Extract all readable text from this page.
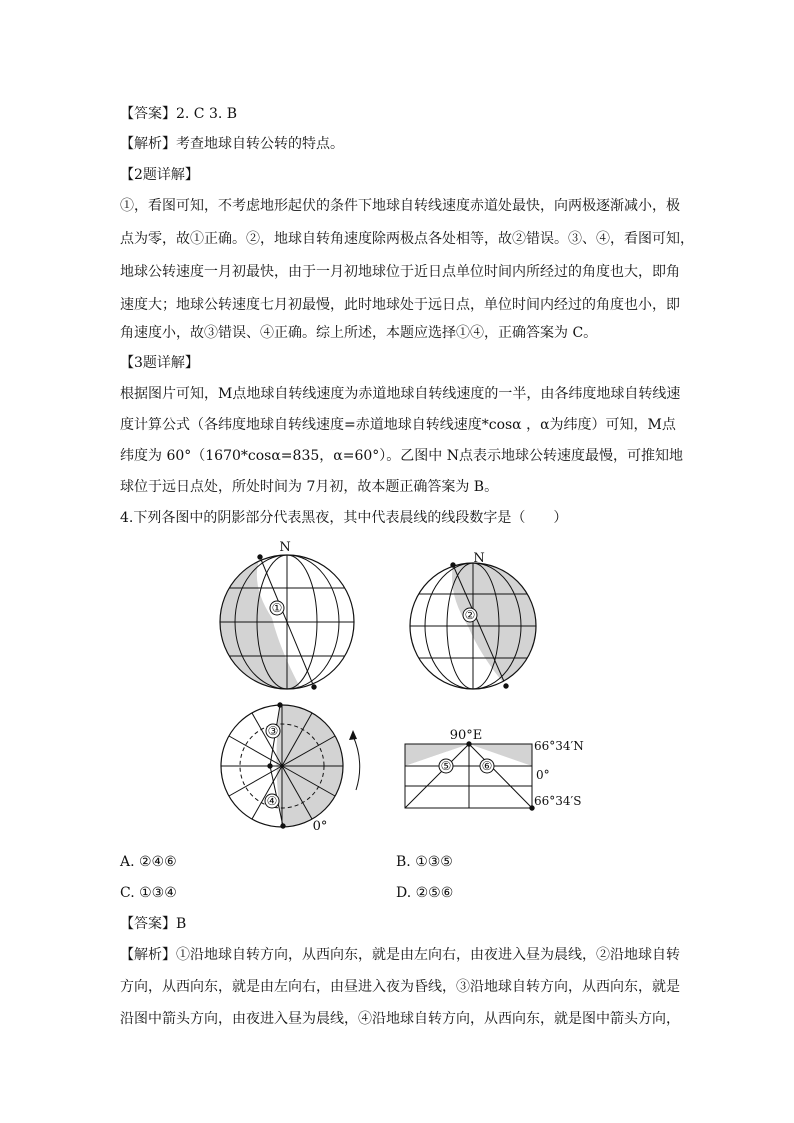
【答案】2. C 3. B
【解析】考查地球自转公转的特点。
【2题详解】
①，看图可知，不考虑地形起伏的条件下地球自转线速度赤道处最快，向两极逐渐减小，极
点为零，故①正确。②，地球自转角速度除两极点各处相等，故②错误。③、④，看图可知，
地球公转速度一月初最快，由于一月初地球位于近日点单位时间内所经过的角度也大，即角
速度大；地球公转速度七月初最慢，此时地球处于远日点，单位时间内经过的角度也小，即
角速度小，故③错误、④正确。综上所述，本题应选择①④，正确答案为 C。
【3题详解】
根据图片可知，M点地球自转线速度为赤道地球自转线速度的一半，由各纬度地球自转线速
度计算公式（各纬度地球自转线速度=赤道地球自转线速度*cosα ，α为纬度）可知，M点
纬度为 60°（1670*cosα=835，α=60°）。乙图中 N点表示地球公转速度最慢，可推知地
球位于远日点处，所处时间为 7月初，故本题正确答案为 B。
4.下列各图中的阴影部分代表黑夜，其中代表晨线的线段数字是（　　）
N
①
N
②
③
④
0°
90°E
66°34′N
0°
66°34′S
⑤	⑥
A. ②④⑥	B. ①③⑤
C. ①③④	D. ②⑤⑥
【答案】B
【解析】①沿地球自转方向，从西向东，就是由左向右，由夜进入昼为晨线，②沿地球自转
方向，从西向东，就是由左向右，由昼进入夜为昏线，③沿地球自转方向，从西向东，就是
沿图中箭头方向，由夜进入昼为晨线，④沿地球自转方向，从西向东，就是图中箭头方向，
